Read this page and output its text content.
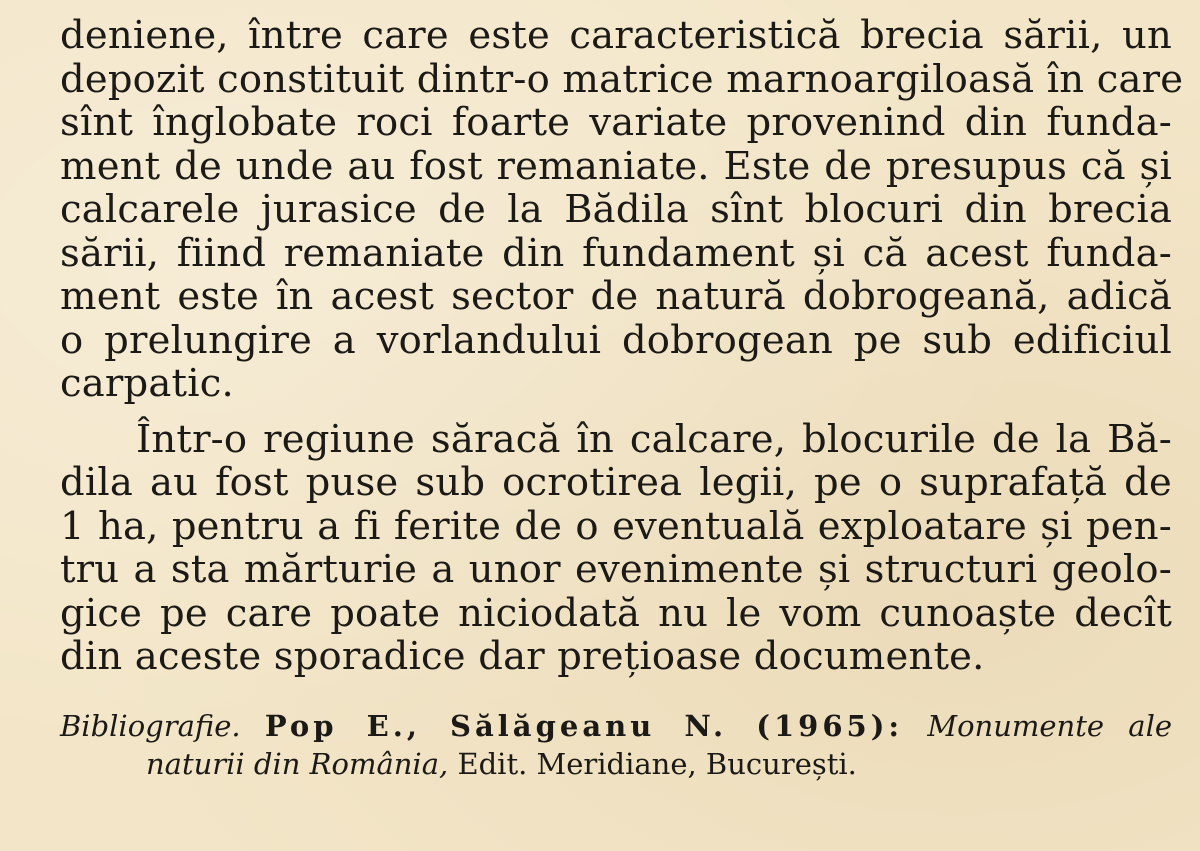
deniene, între care este caracteristică brecia sării, un
depozit constituit dintr-o matrice marnoargiloasă în care
sînt înglobate roci foarte variate provenind din funda-
ment de unde au fost remaniate. Este de presupus că și
calcarele jurasice de la Bădila sînt blocuri din brecia
sării, fiind remaniate din fundament și că acest funda-
ment este în acest sector de natură dobrogeană, adică
o prelungire a vorlandului dobrogean pe sub edificiul
carpatic.
Într-o regiune săracă în calcare, blocurile de la Bă-
dila au fost puse sub ocrotirea legii, pe o suprafață de
1 ha, pentru a fi ferite de o eventuală exploatare și pen-
tru a sta mărturie a unor evenimente și structuri geolo-
gice pe care poate niciodată nu le vom cunoaște decît
din aceste sporadice dar prețioase documente.
Bibliografie. Pop E., Sălăgeanu N. (1965): Monumente ale
naturii din România, Edit. Meridiane, București.
